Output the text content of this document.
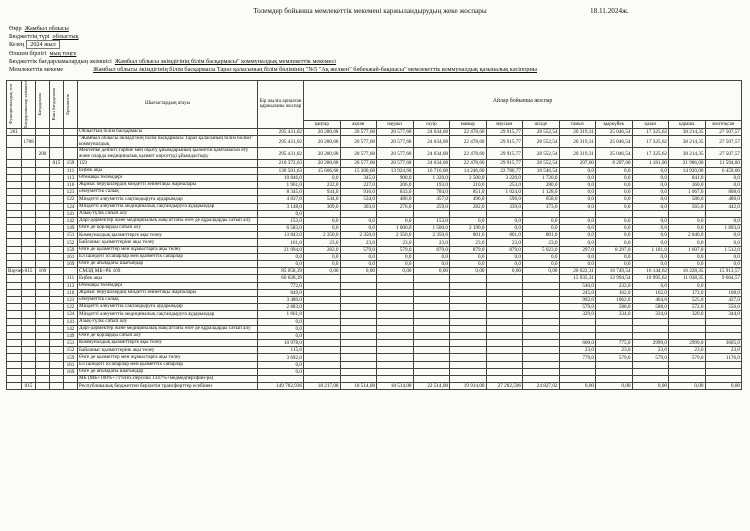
Толемдер бойынша мемлекеттік мекемені каржыландырудың жеке жоспары	18.11.2024ж.
Өңір Жамбыл облысы
Бюджеттiң түрi облыстық
Кезең 2024 жыл
Өлшем бірлігі мың теңге
Бюджеттік бағдарламалардың әкімшісі Жамбыл облысы әкімдігінің білім басқармасы" коммуналдық мемлекеттік мекемесі
Мемлекеттік мекеме	Жамбыл облысы әкімдігінің білім басқармасы Тараз қаласының білім бөлімінің "№5 "Ақ желкен" бөбекжай-бақшасы" мемлекеттік коммуналдық қазыналық кәсіпорны
Функционалдық топ	Бағдарламалар әкімшісі	Бағдарлама	Кіші бағдарлама	Ерекшелік	Шығыстардың атауы	Бір жылға арналған қаржыланы жоспар	Айлар бойынша жоспар											
							қаңтар	ақпан	наурыз	сәуір	мамыр	маусым	шілде	тамыз	қыркүйек	қазан	қараша	желтоқсан
261					Облыстың білім басқармасы	295 431,02	20 280,68	20 577,68	20 577,68	24 634,68	22 478,60	29 915,77	28 552,54	20 319,31	25 046,54	17 325,62	38 214,35	27 507,57
	1788				"Жамбыл облысы әкімдігінің білім басқармасы Тараз қаласының білім бөлімі" коммуналдық	295 431,02	20 280,68	20 577,68	20 577,68	24 634,68	22 478,60	29 915,77	28 552,54	20 319,31	25 046,54	17 325,62	38 214,35	27 507,57
		200			Мектепке дейінгі тәрбие мен оқыту ұйымдарының қызметін қамтамасыз ету және оларда медициналық қызмет көрсетуді ұйымдастыру	295 431,02	20 280,68	20 577,68	20 577,68	24 634,68	22 478,60	29 915,77	28 552,54	20 319,31	25 046,54	17 325,62	38 214,35	27 507,57
			015	159	159	210 372,63	20 280,68	20 577,68	20 577,68	24 634,68	22 478,60	29 915,77	28 552,54	297,00	8 297,00	1 181,00	21 986,00	11 594,00
				111	Еңбек ақы	130 501,63	15 606,68	15 300,68	13 924,68	16 716,68	14 246,60	22 780,77	18 546,54	0,0	0,0	0,0	14 920,00	6 459,00
				113	Өтемақы төлемдері	10 846,0	0,0	345,0	900,0	1 320,0	2 500,0	3 220,0	1 720,0	0,0	0,0	0,0	841,0	0,0
				116	Жұмыс берушілердің міндетті зейнетақы жарналары	1 961,0	232,0	227,0	206,0	193,0	210,0	253,0	280,0	0,0	0,0	0,0	360,0	0,0
				121	Әлеуметтік салық	8 345,0	934,0	916,0	833,0	784,0	851,0	1 024,0	1 128,0	0,0	0,0	0,0	1 067,0	808,0
				122	Міндетті әлеуметтік сақтандыруға аударымдар	4 837,0	544,0	534,0	486,0	457,0	496,0	596,0	658,0	0,0	0,0	0,0	586,0	480,0
				124	Міндетті әлеуметтік медициналық сақтандыруға аударымдар	3 148,0	309,0	303,0	276,0	259,0	282,0	339,0	373,0	0,0	0,0	0,0	565,0	442,0
				141	Азық-түлік сатып алу	0,0												
				142	Дәрі-дәрмектер және медициналық мақсаттағы өзге де құралдарды сатып алу	153,0	0,0	0,0	0,0	153,0	0,0	0,0	0,0	0,0	0,0	0,0	0,0	0,0
				149	Өзге де қорларды сатып алу	6 583,0	0,0	0,0	1 000,0	1 500,0	2 190,0	0,0	0,0	0,0	0,0	0,0	0,0	1 893,0
				151	Коммуналдық қызметтерге ақы төлеу	13 843,0	2 350,0	2 350,0	2 350,0	2 350,0	801,0	801,0	801,0	0,0	0,0	0,0	2 040,0	0,0
				152	Байланыс қызметтеріне ақы төлеу	161,0	23,0	23,0	23,0	23,0	23,0	23,0	23,0	0,0	0,0	0,0	0,0	0,0
				159	Өзге де қызметтер мен жұмыстарға ақы төлеу	21 994,0	282,0	579,0	579,0	879,0	879,0	879,0	5 023,0	297,0	8 297,0	1 181,0	1 607,0	1 512,0
				161	Ел ішіндегі іссапарлар мен қызметтік сапарлар	0,0	0,0	0,0	0,0	0,0	0,0	0,0	0,0	0,0	0,0	0,0	0,0	0,0
				169	Өзге де ағымдағы шығындар	0,0	0,0	0,0	0,0	0,0	0,0	0,0	0,0	0,0	0,0	0,0	0,0	0,0
Ваучер	015	169			СМЭД МБ+РБ 169	85 058,39	0,00	0,00	0,00	0,00	0,00	0,00	0,00	20 022,31	16 749,54	16 144,62	16 228,35	15 913,57
				111	Еңбек ақы	60 628,39								15 935,31	12 994,54	10 995,62	11 038,35	9 664,57
				113	Өтемақы төлемдері	772,0								540,0	232,0	0,0	0,0	
				116	Жұмыс берушілердің міндетті зейнетақы жарналары	849,0								245,0	162,0	162,0	172,0	108,0
				121	Әлеуметтік салық	3 480,0								992,0	1062,0	464,0	525,0	437,0
				122	Міндетті әлеуметтік сақтандыруға аударымдар	2 883,0								579,0	588,0	588,0	572,0	556,0
				124	Міндетті әлеуметтік медициналық сақтандыруға аударымдар	1 661,0								329,0	334,0	334,0	320,0	344,0
				141	Азық-түлік сатып алу	0,0												
				142	Дәрі-дәрмектер және медициналық мақсаттағы өзге де құралдарды сатып алу	0,0												
				149	Өзге де қорларды сатып алу	0,0												
				151	Коммуналдық қызметтерге ақы төлеу	10 978,0								600,0	775,0	2999,0	2999,0	3605,0
				152	Байланыс қызметтеріне ақы төлеу	115,0								23,0	23,0	23,0	23,0	23,0
				159	Өзге де қызметтер мен жұмыстарға ақы төлеу	3 692,0								779,0	579,0	579,0	579,0	1176,0
				161	Ел ішіндегі іссапарлар мен қызметтік сапарлар	0,0												
				169	Өзге де ағымдағы шығындар	0,0												
					МБ (МБ+100%+71%тех.персона 1347%+медмедперсфин-ра)													
	015				Республикалық бюджеттен берілетін трансферттер есебінен	149 782,936	18 217,08	18 514,08	18 514,08	22 514,08	19 914,00	27 282,596	24 827,02	0,00	0,00	0,00	0,00	0,00
